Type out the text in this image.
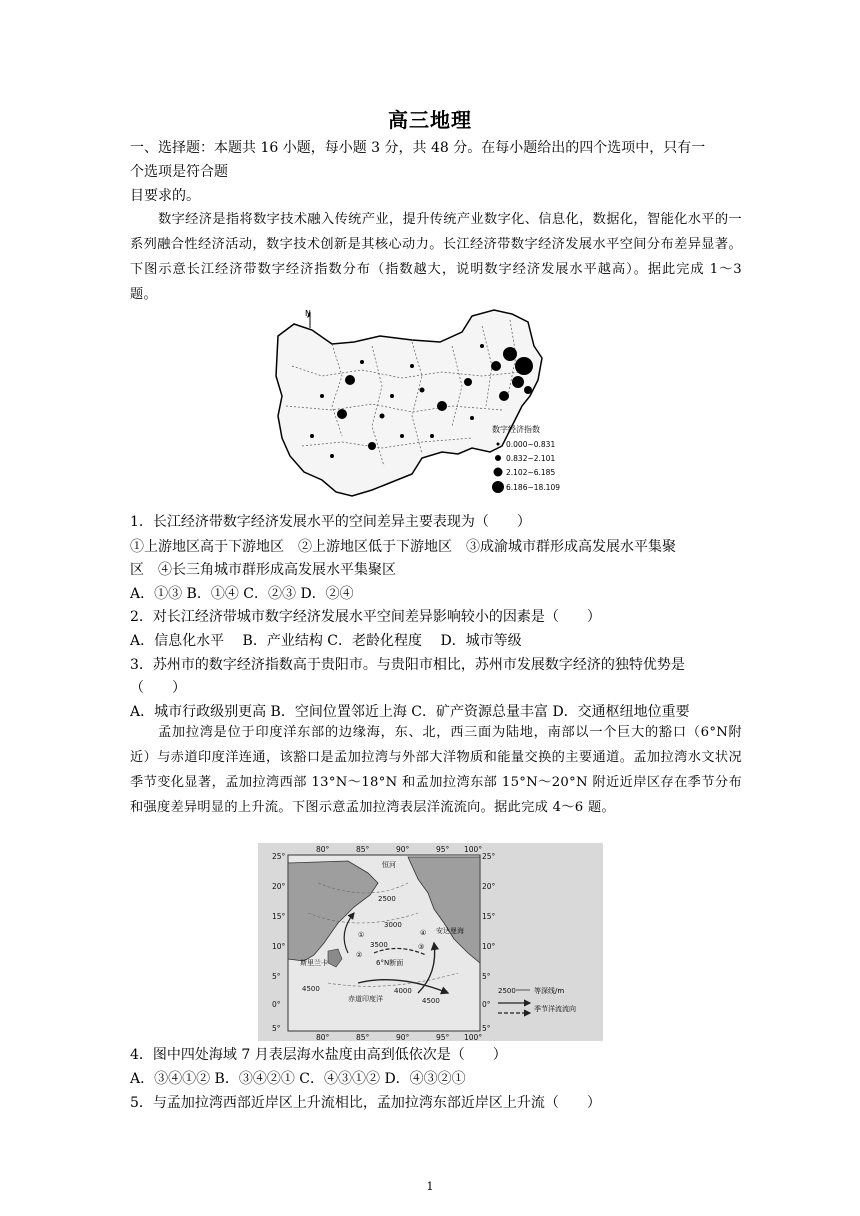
高三地理
一、选择题：本题共 16 小题，每小题 3 分，共 48 分。在每小题给出的四个选项中，只有一
个选项是符合题
目要求的。
数字经济是指将数字技术融入传统产业，提升传统产业数字化、信息化，数据化，智能化水平的一系列融合性经济活动，数字技术创新是其核心动力。长江经济带数字经济发展水平空间分布差异显著。下图示意长江经济带数字经济指数分布（指数越大，说明数字经济发展水平越高）。据此完成 1～3 题。
N
数字经济指数
0.000~0.831
0.832~2.101
2.102~6.185
6.186~18.109
1．长江经济带数字经济发展水平的空间差异主要表现为（　　）
①上游地区高于下游地区　②上游地区低于下游地区　③成渝城市群形成高发展水平集聚
区　④长三角城市群形成高发展水平集聚区
A．①③ B．①④ C．②③ D．②④
2．对长江经济带城市数字经济发展水平空间差异影响较小的因素是（　　）
A．信息化水平　 B．产业结构 C．老龄化程度　 D．城市等级
3．苏州市的数字经济指数高于贵阳市。与贵阳市相比，苏州市发展数字经济的独特优势是
（　　）
A．城市行政级别更高 B．空间位置邻近上海 C．矿产资源总量丰富 D．交通枢纽地位重要
孟加拉湾是位于印度洋东部的边缘海，东、北，西三面为陆地，南部以一个巨大的豁口（6°N附近）与赤道印度洋连通，该豁口是孟加拉湾与外部大洋物质和能量交换的主要通道。孟加拉湾水文状况季节变化显著，孟加拉湾西部 13°N～18°N 和孟加拉湾东部 15°N～20°N 附近近岸区存在季节分布和强度差异明显的上升流。下图示意孟加拉湾表层洋流流向。据此完成 4～6 题。
80°	85°	90°	95° 100°
80°	85°	90°	95° 100°
25°
20°
15°
10°
5°
0°
5°
25°
20°
15°
10°
5°
0°
5°
恒河
斯里兰卡	6°N断面
赤道印度洋
安达曼海
2500
3000
3500
4000
4500
4500
2500
①
②
③
④
等深线/m
季节洋流流向
4．图中四处海域 7 月表层海水盐度由高到低依次是（　　）
A．③④①② B．③④②① C．④③①② D．④③②①
5．与孟加拉湾西部近岸区上升流相比，孟加拉湾东部近岸区上升流（　　）
1
